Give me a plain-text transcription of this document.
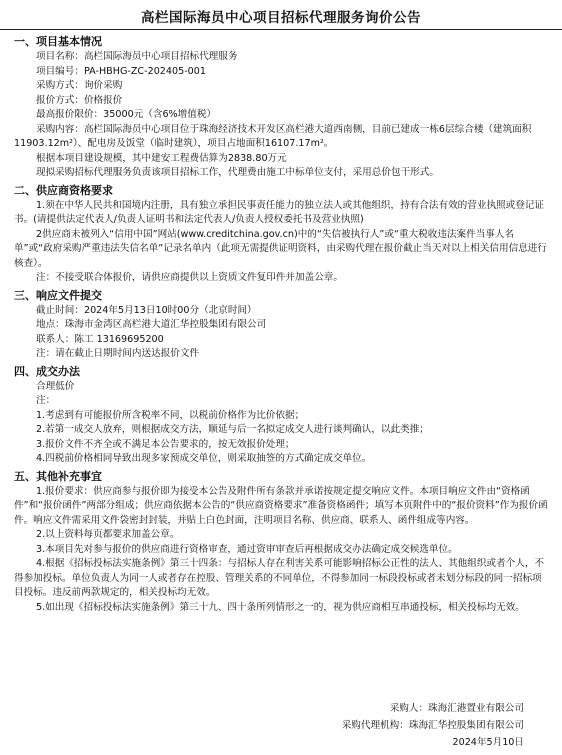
高栏国际海员中心项目招标代理服务询价公告
一、项目基本情况

项目名称：高栏国际海员中心项目招标代理服务

项目编号：PA-HBHG-ZC-202405-001

采购方式：询价采购

报价方式：价格报价

最高报价限价：35000元（含6%增值税）

采购内容：高栏国际海员中心项目位于珠海经济技术开发区高栏港大道西南侧，目前已建成一栋6层综合楼（建筑面积11903.12m²）、配电房及饭堂（临时建筑），项目占地面积16107.17m²。

根据本项目建设规模，其中建安工程费估算为2838.80万元

现拟采购招标代理服务负责该项目招标工作，代理费由施工中标单位支付，采用总价包干形式。

二、供应商资格要求

1.须在中华人民共和国境内注册，具有独立承担民事责任能力的独立法人或其他组织，持有合法有效的营业执照或登记证书。(请提供法定代表人/负责人证明书和法定代表人/负责人授权委托书及营业执照)

2供应商未被列入“信用中国”网站(www.creditchina.gov.cn)中的“失信被执行人”或“重大税收违法案件当事人名单”或“政府采购严重违法失信名单”记录名单内（此项无需提供证明资料，由采购代理在报价截止当天对以上相关信用信息进行核查）。

注：不接受联合体报价，请供应商提供以上资质文件复印件并加盖公章。

三、响应文件提交

截止时间：2024年5月13日10时00分（北京时间）

地点：珠海市金湾区高栏港大道汇华控股集团有限公司

联系人：陈工 13169695200

注：请在截止日期时间内送达报价文件

四、成交办法

合理低价

注：

1.考虑到有可能报价所含税率不同，以税前价格作为比价依据；

2.若第一成交人放弃，则根据成交方法，顺延与后一名拟定成交人进行谈判确认，以此类推；

3.报价文件不齐全或不满足本公告要求的，按无效报价处理；

4.四税前价格相同导致出现多家预成交单位，则采取抽签的方式确定成交单位。

五、其他补充事宜

1.报价要求：供应商参与报价即为接受本公告及附件所有条款并承诺按规定提交响应文件。本项目响应文件由“资格函件”和“报价函件”两部分组成；供应商依据本公告的“供应商资格要求”准备资格函件；填写本页附件中的“报价资料”作为报价函件。响应文件需采用文件袋密封封装，并贴上白色封面，注明项目名称、供应商、联系人、函件组成等内容。

2.以上资料每页都要求加盖公章。

3.本项目先对参与报价的供应商进行资格审查，通过资审审查后再根据成交办法确定成交候选单位。

4.根据《招标投标法实施条例》第三十四条：与招标人存在利害关系可能影响招标公正性的法人、其他组织或者个人，不得参加投标。单位负责人为同一人或者存在控股、管理关系的不同单位，不得参加同一标段投标或者未划分标段的同一招标项目投标。违反前两款规定的，相关投标均无效。

5.如出现《招标投标法实施条例》第三十九、四十条所列情形之一的，视为供应商相互串通投标，相关投标均无效。

采购人：珠海汇港置业有限公司
采购代理机构：珠海汇华控股集团有限公司
2024年5月10日
